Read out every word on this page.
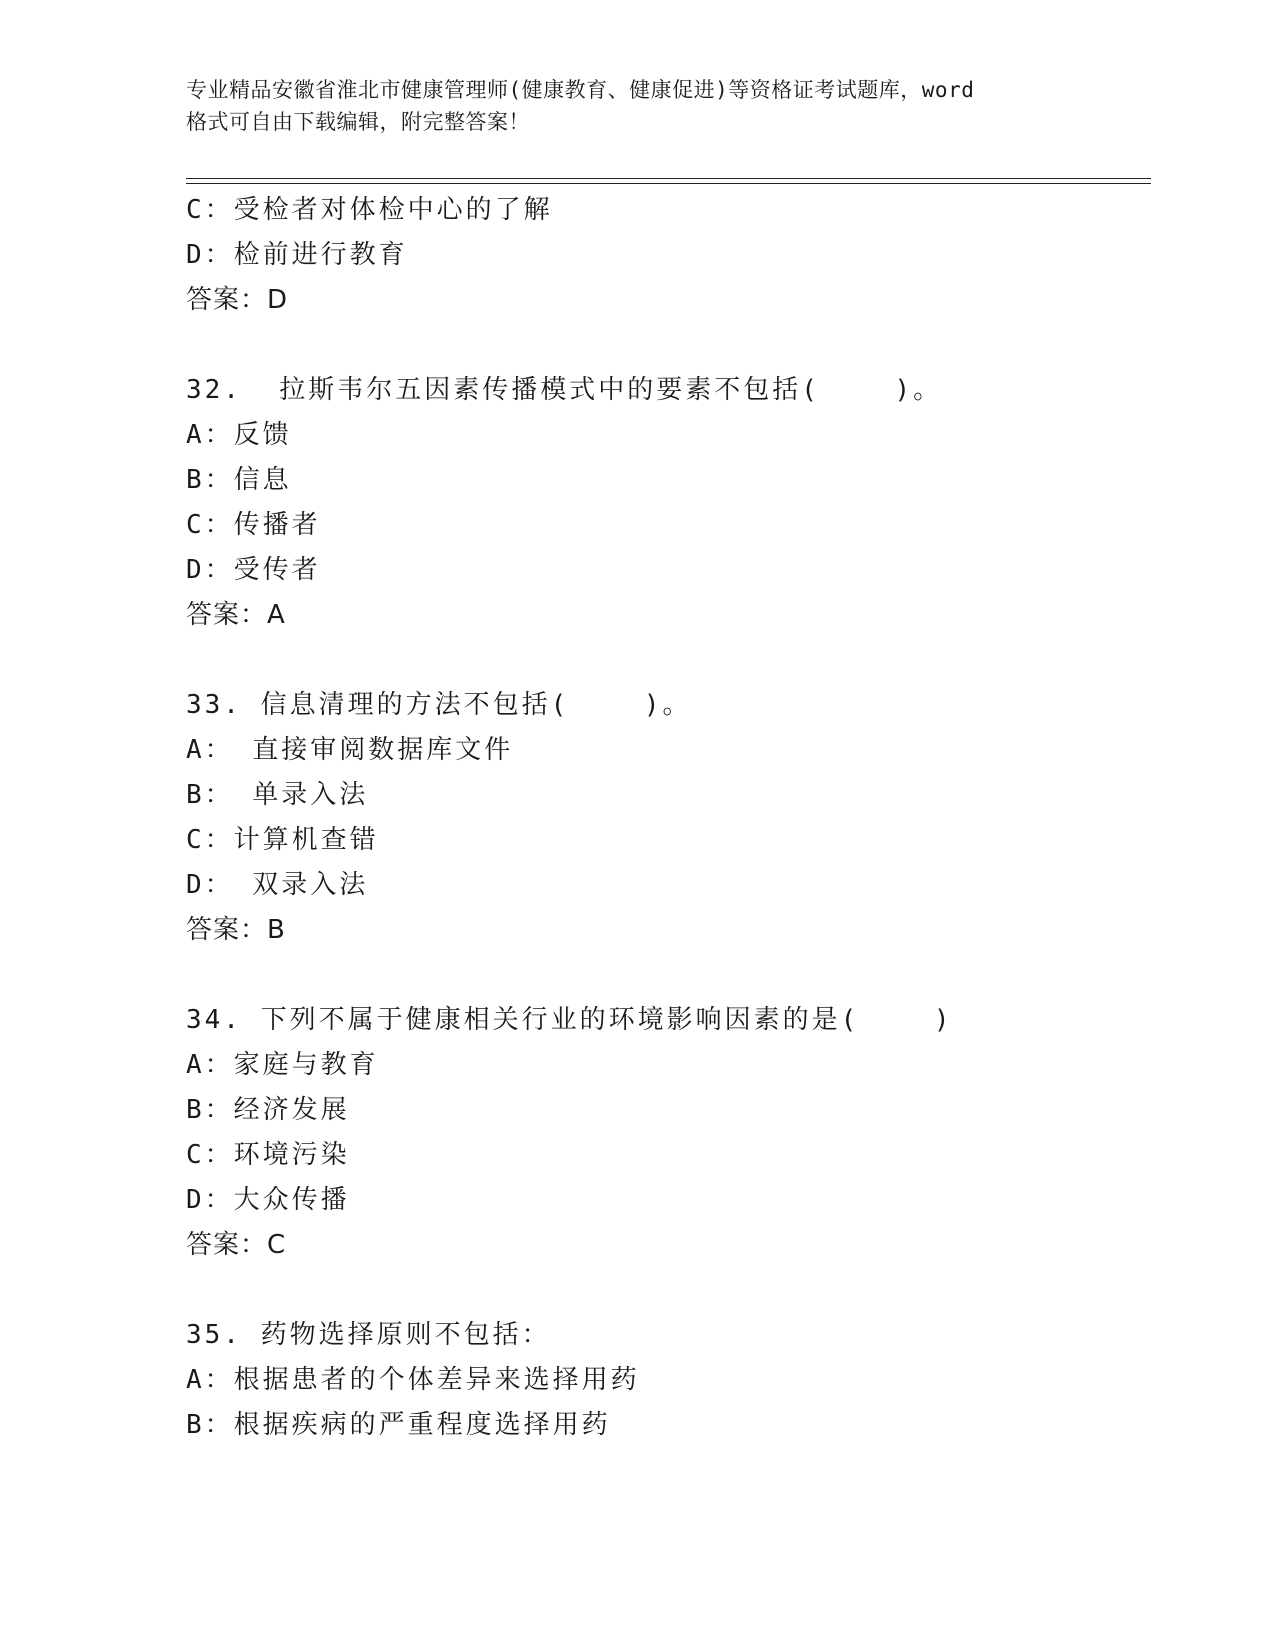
专业精品安徽省淮北市健康管理师(健康教育、健康促进)等资格证考试题库，word
格式可自由下载编辑，附完整答案！
C：受检者对体检中心的了解
D：检前进行教育
答案：D
32.  拉斯韦尔五因素传播模式中的要素不包括(    )。
A：反馈
B：信息
C：传播者
D：受传者
答案：A
33. 信息清理的方法不包括(    )。
A： 直接审阅数据库文件
B： 单录入法
C：计算机查错
D： 双录入法
答案：B
34. 下列不属于健康相关行业的环境影响因素的是(    )
A：家庭与教育
B：经济发展
C：环境污染
D：大众传播
答案：C
35. 药物选择原则不包括：
A：根据患者的个体差异来选择用药
B：根据疾病的严重程度选择用药
